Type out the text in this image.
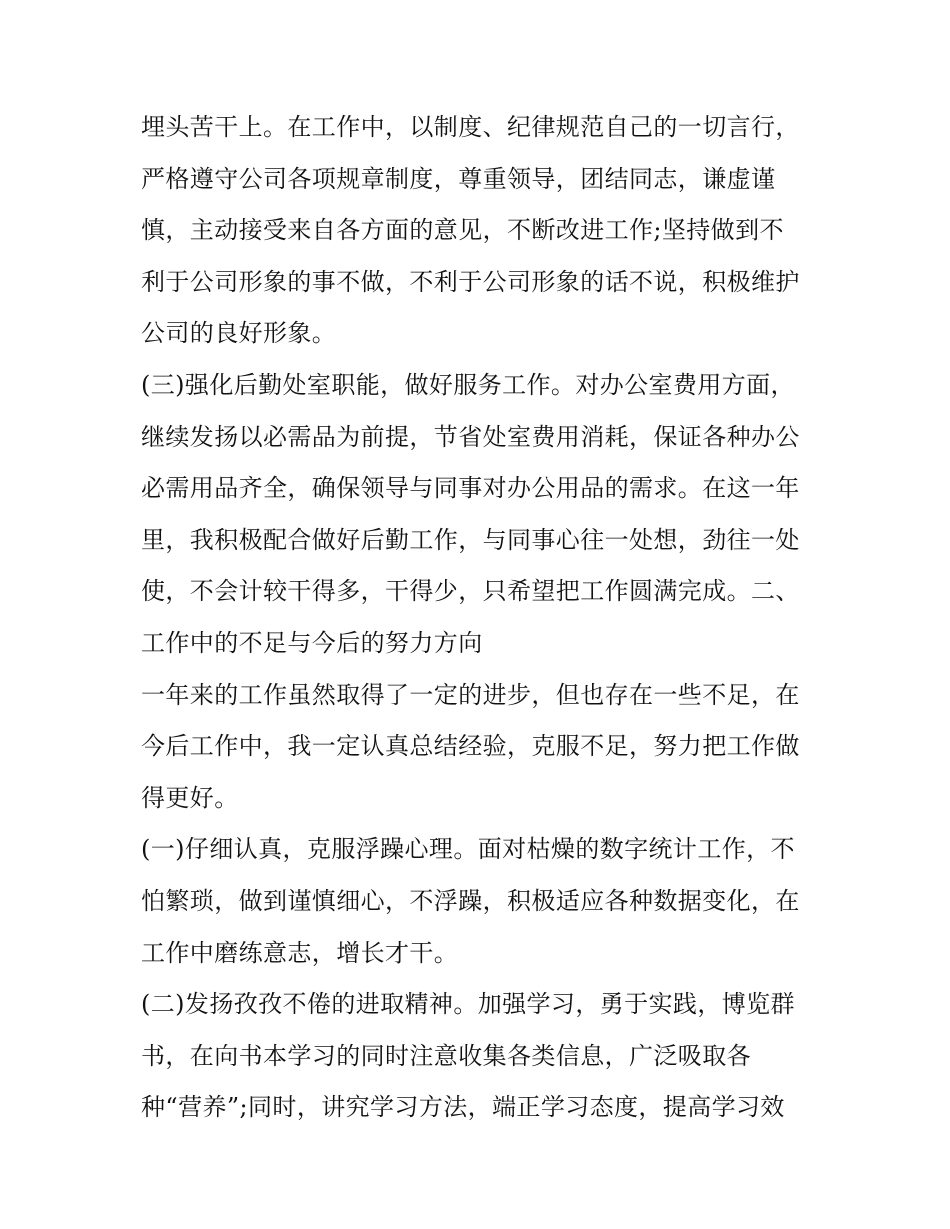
埋头苦干上。在工作中，以制度、纪律规范自己的一切言行，
严格遵守公司各项规章制度，尊重领导，团结同志，谦虚谨
慎，主动接受来自各方面的意见，不断改进工作;坚持做到不
利于公司形象的事不做，不利于公司形象的话不说，积极维护
公司的良好形象。
(三)强化后勤处室职能，做好服务工作。对办公室费用方面，
继续发扬以必需品为前提，节省处室费用消耗，保证各种办公
必需用品齐全，确保领导与同事对办公用品的需求。在这一年
里，我积极配合做好后勤工作，与同事心往一处想，劲往一处
使，不会计较干得多，干得少，只希望把工作圆满完成。二、
工作中的不足与今后的努力方向
一年来的工作虽然取得了一定的进步，但也存在一些不足，在
今后工作中，我一定认真总结经验，克服不足，努力把工作做
得更好。
(一)仔细认真，克服浮躁心理。面对枯燥的数字统计工作，不
怕繁琐，做到谨慎细心，不浮躁，积极适应各种数据变化，在
工作中磨练意志，增长才干。
(二)发扬孜孜不倦的进取精神。加强学习，勇于实践，博览群
书，在向书本学习的同时注意收集各类信息，广泛吸取各
种“营养”;同时，讲究学习方法，端正学习态度，提高学习效
